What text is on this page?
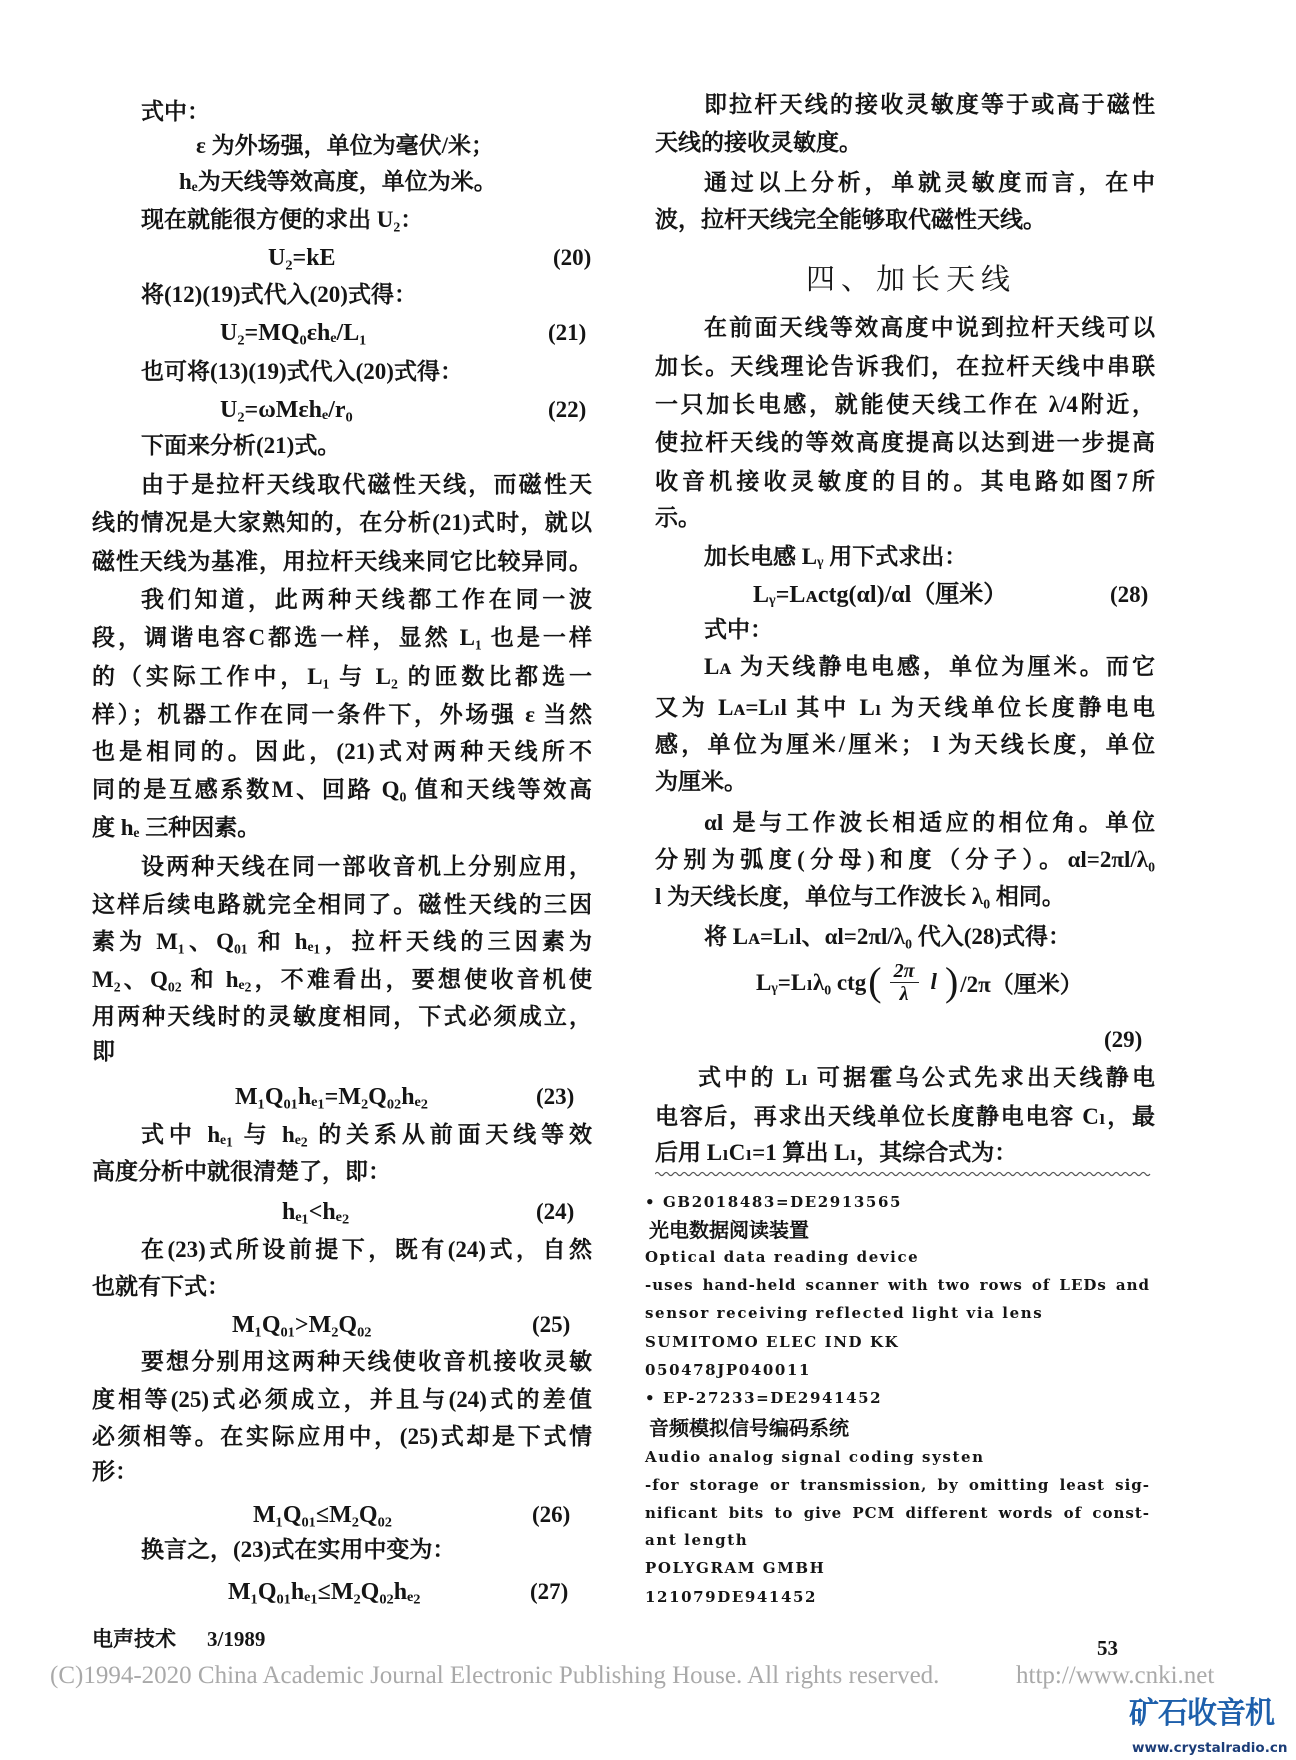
式中：
ε 为外场强，单位为毫伏/米；
hₑ为天线等效高度，单位为米。
现在就能很方便的求出 U₂：
U₂=kE	(20)
将(12)(19)式代入(20)式得：
U₂=MQ₀εhₑ/L₁	(21)
也可将(13)(19)式代入(20)式得：
U₂=ωMεhₑ/r₀	(22)
下面来分析(21)式。
由于是拉杆天线取代磁性天线，而磁性天
线的情况是大家熟知的，在分析(21)式时，就以
磁性天线为基准，用拉杆天线来同它比较异同。
我们知道，此两种天线都工作在同一波
段，调谐电容C都选一样，显然 L₁ 也是一样
的（实际工作中，L₁ 与 L₂ 的匝数比都选一
样）；机器工作在同一条件下，外场强 ε 当然
也是相同的。因此，(21)式对两种天线所不
同的是互感系数M、回路 Q₀ 值和天线等效高
度 hₑ 三种因素。
设两种天线在同一部收音机上分别应用，
这样后续电路就完全相同了。磁性天线的三因
素为 M₁、Q₀₁ 和 hₑ₁，拉杆天线的三因素为
M₂、Q₀₂ 和 hₑ₂，不难看出，要想使收音机使
用两种天线时的灵敏度相同，下式必须成立，
即
M₁Q₀₁hₑ₁=M₂Q₀₂hₑ₂	(23)
式中 hₑ₁ 与 hₑ₂ 的关系从前面天线等效
高度分析中就很清楚了，即：
hₑ₁<hₑ₂	(24)
在(23)式所设前提下，既有(24)式，自然
也就有下式：
M₁Q₀₁>M₂Q₀₂	(25)
要想分别用这两种天线使收音机接收灵敏
度相等(25)式必须成立，并且与(24)式的差值
必须相等。在实际应用中，(25)式却是下式情
形：
M₁Q₀₁≤M₂Q₀₂	(26)
换言之，(23)式在实用中变为：
M₁Q₀₁hₑ₁≤M₂Q₀₂hₑ₂	(27)
即拉杆天线的接收灵敏度等于或高于磁性
天线的接收灵敏度。
通过以上分析，单就灵敏度而言，在中
波，拉杆天线完全能够取代磁性天线。
四、加长天线
在前面天线等效高度中说到拉杆天线可以
加长。天线理论告诉我们，在拉杆天线中串联
一只加长电感，就能使天线工作在 λ/4附近，
使拉杆天线的等效高度提高以达到进一步提高
收音机接收灵敏度的目的。其电路如图7所
示。
加长电感 Lᵧ 用下式求出：
Lᵧ=Lᴀctg(αl)/αl（厘米）	(28)
式中：
Lᴀ 为天线静电电感，单位为厘米。而它
又为 Lᴀ=Lₗl 其中 Lₗ 为天线单位长度静电电
感，单位为厘米/厘米； l 为天线长度，单位
为厘米。
αl 是与工作波长相适应的相位角。单位
分别为弧度(分母)和度（分子）。αl=2πl/λ₀
l 为天线长度，单位与工作波长 λ₀ 相同。
将 Lᴀ=Lₗl、αl=2πl/λ₀ 代入(28)式得：
Lᵧ=Lₗλ₀ ctg ( $\frac{2\pi}{\lambda}$ l ) /2π（厘米）
(29)
式中的 Lₗ 可据霍乌公式先求出天线静电
电容后，再求出天线单位长度静电电容 Cₗ，最
后用 LₗCₗ=1 算出 Lₗ，其综合式为：
• GB2018483=DE2913565
光电数据阅读装置
Optical data reading device
-uses hand-held scanner with two rows of LEDs and
sensor receiving reflected light via lens
SUMITOMO ELEC IND KK
050478JP040011
• EP-27233=DE2941452
音频模拟信号编码系统
Audio analog signal coding systen
-for storage or transmission, by omitting least sig-
nificant bits to give PCM different words of const-
ant length
POLYGRAM GMBH
121079DE941452
电声技术 3/1989	53
(C)1994-2020 China Academic Journal Electronic Publishing House. All rights reserved.	http://www.cnki.net
矿石收音机
www.crystalradio.cn
